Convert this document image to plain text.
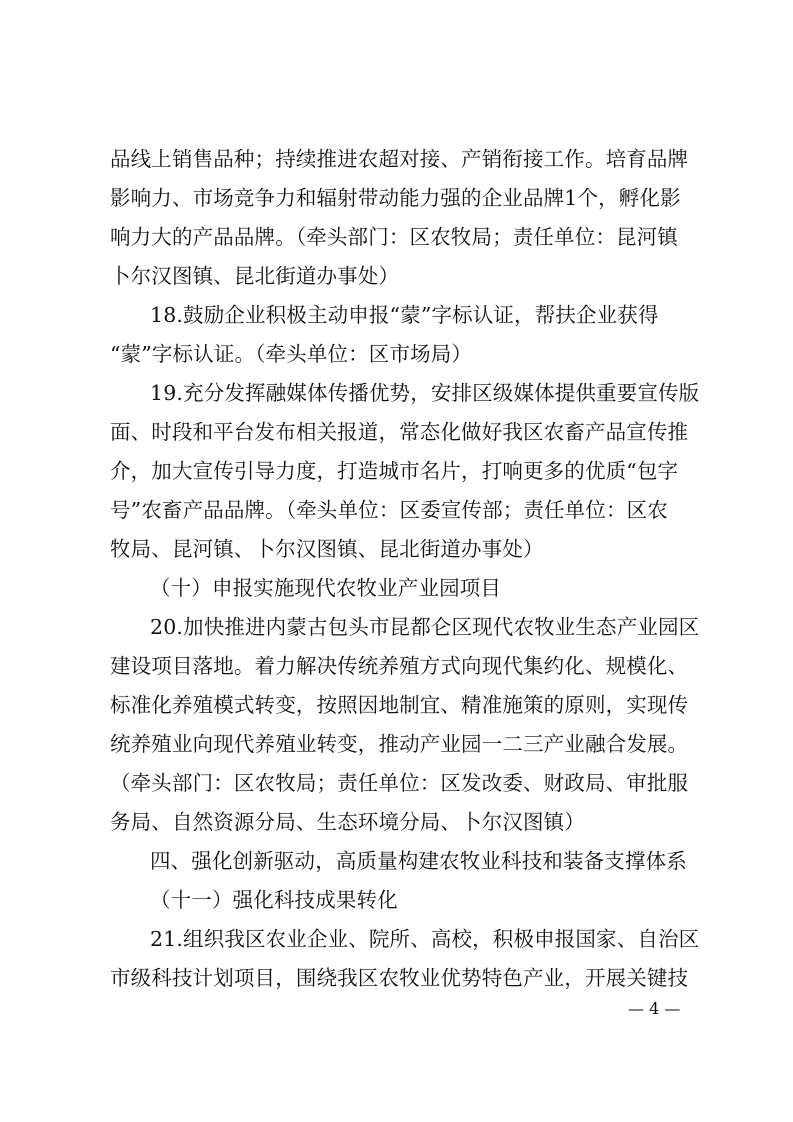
品线上销售品种；持续推进农超对接、产销衔接工作。培育品牌
影响力、市场竞争力和辐射带动能力强的企业品牌1个，孵化影
响力大的产品品牌。（牵头部门：区农牧局；责任单位：昆河镇
卜尔汉图镇、昆北街道办事处）
18.鼓励企业积极主动申报“蒙”字标认证，帮扶企业获得
“蒙”字标认证。（牵头单位：区市场局）
19.充分发挥融媒体传播优势，安排区级媒体提供重要宣传版
面、时段和平台发布相关报道，常态化做好我区农畜产品宣传推
介，加大宣传引导力度，打造城市名片，打响更多的优质“包字
号”农畜产品品牌。（牵头单位：区委宣传部；责任单位：区农
牧局、昆河镇、卜尔汉图镇、昆北街道办事处）
（十）申报实施现代农牧业产业园项目
20.加快推进内蒙古包头市昆都仑区现代农牧业生态产业园区
建设项目落地。着力解决传统养殖方式向现代集约化、规模化、
标准化养殖模式转变，按照因地制宜、精准施策的原则，实现传
统养殖业向现代养殖业转变，推动产业园一二三产业融合发展。
（牵头部门：区农牧局；责任单位：区发改委、财政局、审批服
务局、自然资源分局、生态环境分局、卜尔汉图镇）
四、强化创新驱动，高质量构建农牧业科技和装备支撑体系
（十一）强化科技成果转化
21.组织我区农业企业、院所、高校，积极申报国家、自治区
市级科技计划项目，围绕我区农牧业优势特色产业，开展关键技
— 4 —
